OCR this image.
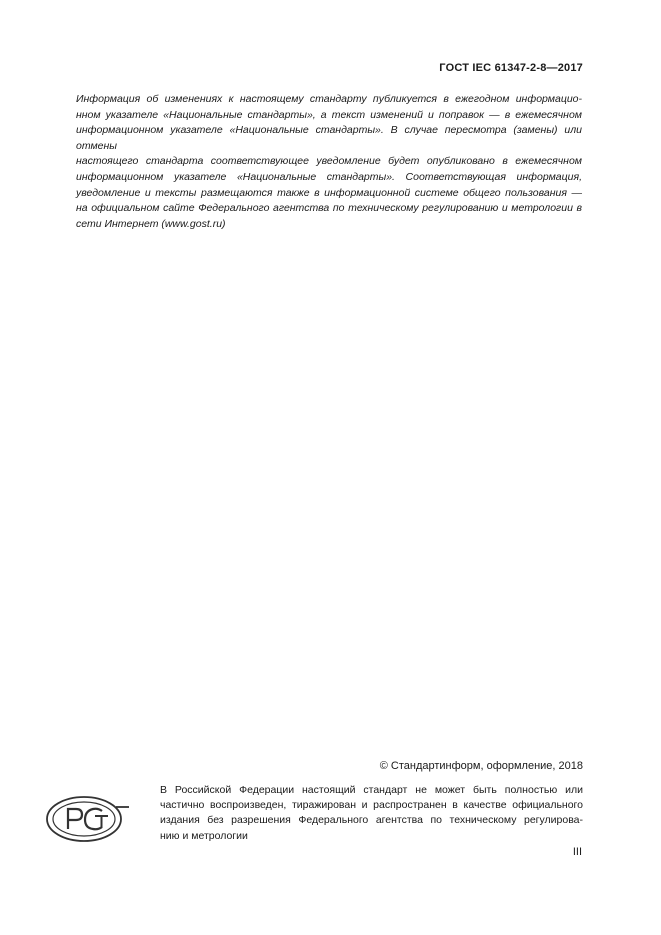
ГОСТ IEC 61347-2-8—2017
Информация об изменениях к настоящему стандарту публикуется в ежегодном информацио-
нном указателе «Национальные стандарты», а текст изменений и поправок — в ежемесячном
информационном указателе «Национальные стандарты». В случае пересмотра (замены) или отмены
настоящего стандарта соответствующее уведомление будет опубликовано в ежемесячном
информационном указателе «Национальные стандарты». Соответствующая информация,
уведомление и тексты размещаются также в информационной системе общего пользования —
на официальном сайте Федерального агентства по техническому регулированию и метрологии в
сети Интернет (www.gost.ru)
© Стандартинформ, оформление, 2018
В Российской Федерации настоящий стандарт не может быть полностью или
частично воспроизведен, тиражирован и распространен в качестве официального
издания без разрешения Федерального агентства по техническому регулирова-
нию и метрологии
III
